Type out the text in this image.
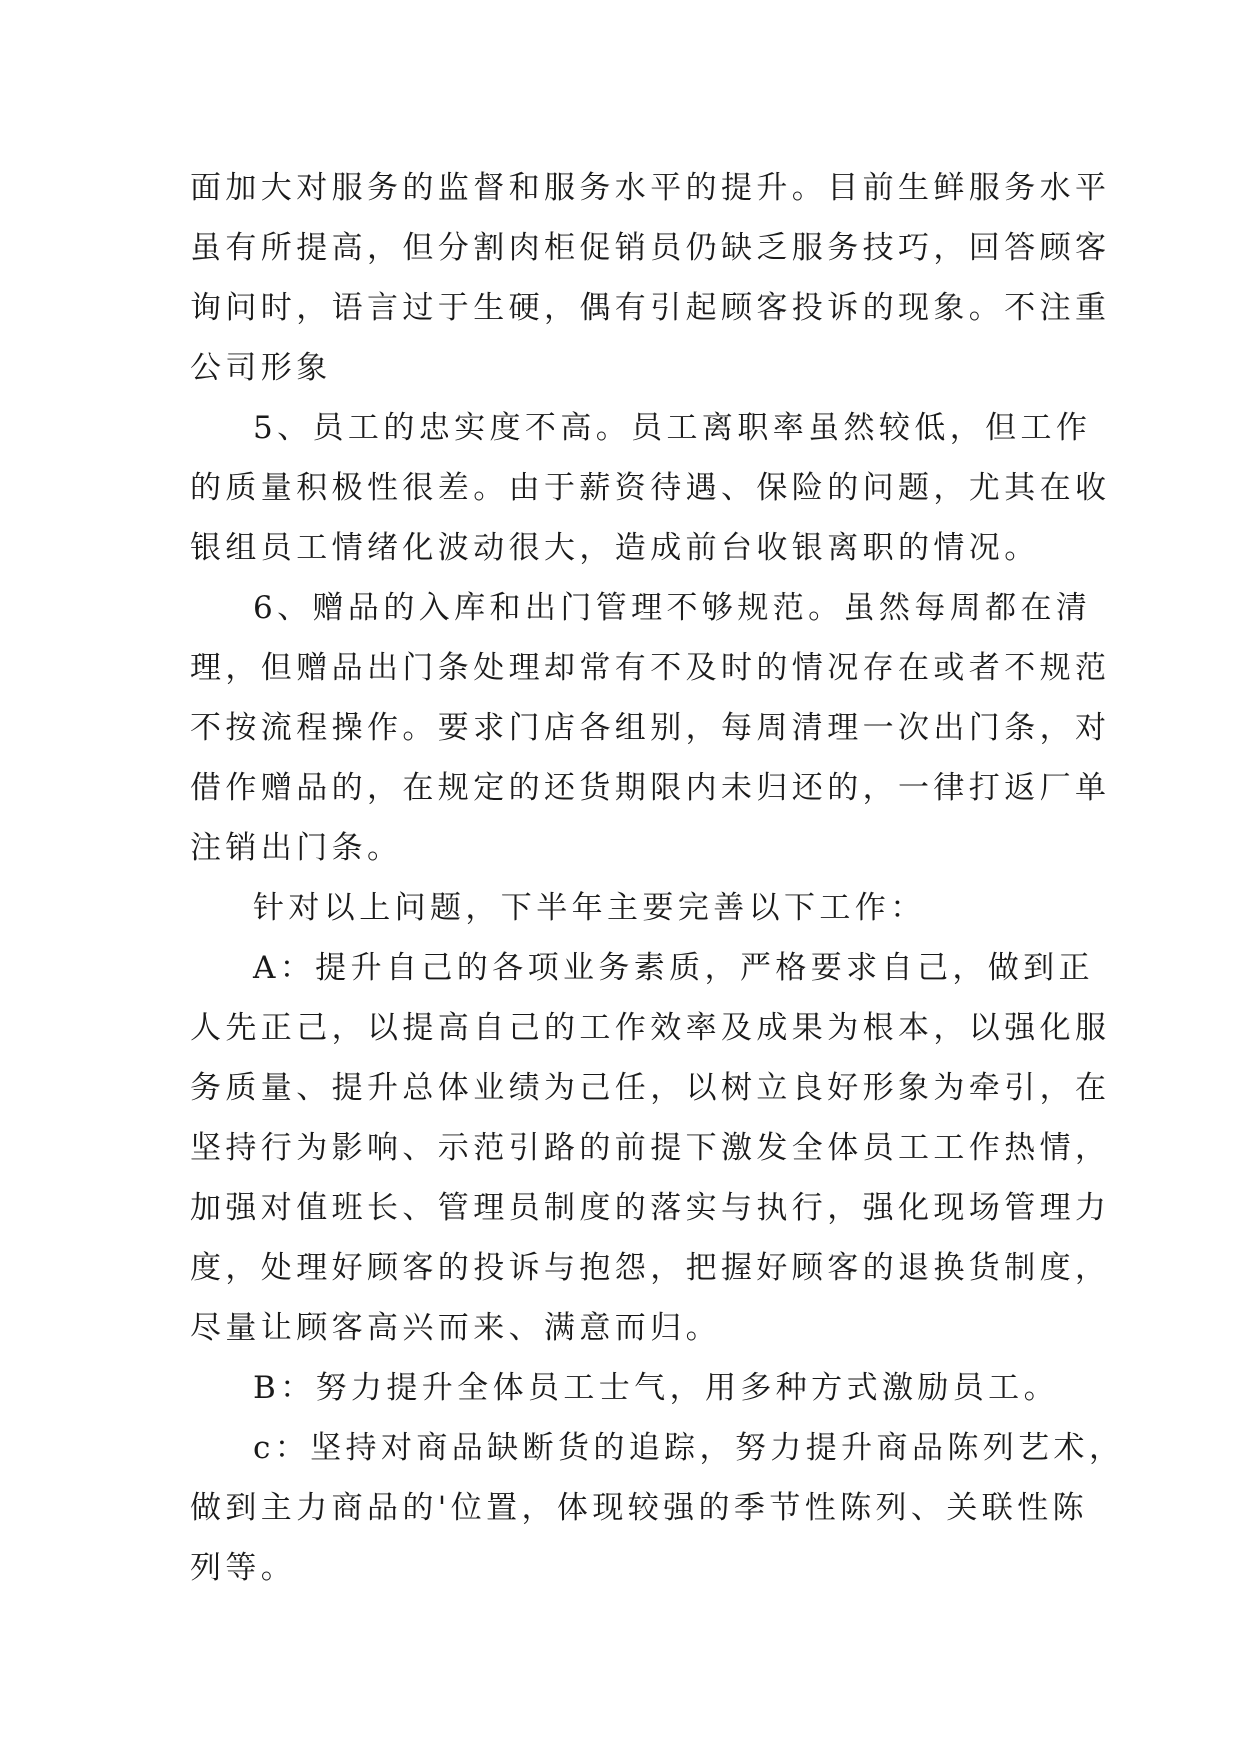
面加大对服务的监督和服务水平的提升。目前生鲜服务水平
虽有所提高，但分割肉柜促销员仍缺乏服务技巧，回答顾客
询问时，语言过于生硬，偶有引起顾客投诉的现象。不注重
公司形象
5、员工的忠实度不高。员工离职率虽然较低，但工作
的质量积极性很差。由于薪资待遇、保险的问题，尤其在收
银组员工情绪化波动很大，造成前台收银离职的情况。
6、赠品的入库和出门管理不够规范。虽然每周都在清
理，但赠品出门条处理却常有不及时的情况存在或者不规范
不按流程操作。要求门店各组别，每周清理一次出门条，对
借作赠品的，在规定的还货期限内未归还的，一律打返厂单
注销出门条。
针对以上问题，下半年主要完善以下工作：
A：提升自己的各项业务素质，严格要求自己，做到正
人先正己，以提高自己的工作效率及成果为根本，以强化服
务质量、提升总体业绩为己任，以树立良好形象为牵引，在
坚持行为影响、示范引路的前提下激发全体员工工作热情，
加强对值班长、管理员制度的落实与执行，强化现场管理力
度，处理好顾客的投诉与抱怨，把握好顾客的退换货制度，
尽量让顾客高兴而来、满意而归。
B：努力提升全体员工士气，用多种方式激励员工。
c：坚持对商品缺断货的追踪，努力提升商品陈列艺术，
做到主力商品的'位置，体现较强的季节性陈列、关联性陈
列等。
